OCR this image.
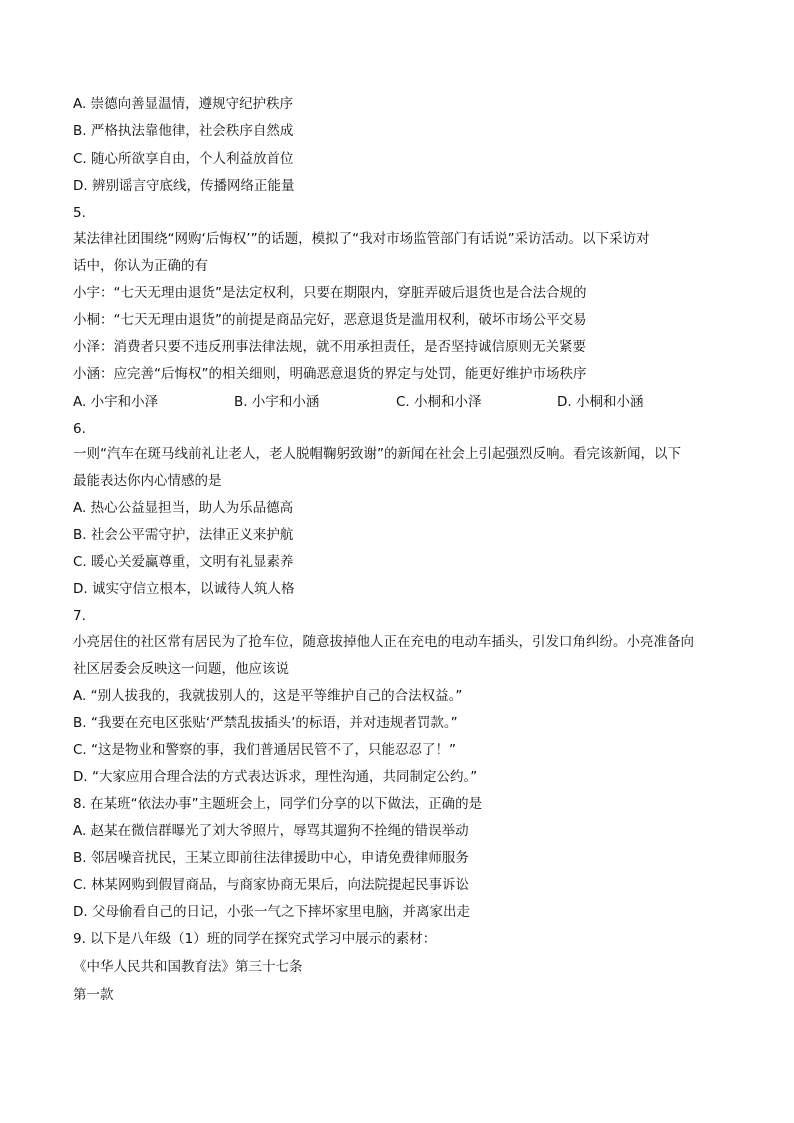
A. 崇德向善显温情，遵规守纪护秩序
B. 严格执法靠他律，社会秩序自然成
C. 随心所欲享自由，个人利益放首位
D. 辨别谣言守底线，传播网络正能量
5.
某法律社团围绕“网购‘后悔权’”的话题，模拟了“我对市场监管部门有话说”采访活动。以下采访对
话中，你认为正确的有
小宇：“七天无理由退货”是法定权利，只要在期限内，穿脏弄破后退货也是合法合规的
小桐：“七天无理由退货”的前提是商品完好，恶意退货是滥用权利，破坏市场公平交易
小泽：消费者只要不违反刑事法律法规，就不用承担责任，是否坚持诚信原则无关紧要
小涵：应完善“后悔权”的相关细则，明确恶意退货的界定与处罚，能更好维护市场秩序
A. 小宇和小泽	B. 小宇和小涵	C. 小桐和小泽	D. 小桐和小涵
6.
一则“汽车在斑马线前礼让老人，老人脱帽鞠躬致谢”的新闻在社会上引起强烈反响。看完该新闻，以下
最能表达你内心情感的是
A. 热心公益显担当，助人为乐品德高
B. 社会公平需守护，法律正义来护航
C. 暖心关爱赢尊重，文明有礼显素养
D. 诚实守信立根本，以诚待人筑人格
7.
小亮居住的社区常有居民为了抢车位，随意拔掉他人正在充电的电动车插头，引发口角纠纷。小亮准备向
社区居委会反映这一问题，他应该说
A. “别人拔我的，我就拔别人的，这是平等维护自己的合法权益。”
B. “我要在充电区张贴‘严禁乱拔插头’的标语，并对违规者罚款。”
C. “这是物业和警察的事，我们普通居民管不了，只能忍忍了！”
D. “大家应用合理合法的方式表达诉求，理性沟通，共同制定公约。”
8. 在某班“依法办事”主题班会上，同学们分享的以下做法，正确的是
A. 赵某在微信群曝光了刘大爷照片，辱骂其遛狗不拴绳的错误举动
B. 邻居噪音扰民，王某立即前往法律援助中心，申请免费律师服务
C. 林某网购到假冒商品，与商家协商无果后，向法院提起民事诉讼
D. 父母偷看自己的日记，小张一气之下摔坏家里电脑，并离家出走
9. 以下是八年级（1）班的同学在探究式学习中展示的素材：
《中华人民共和国教育法》第三十七条
第一款
